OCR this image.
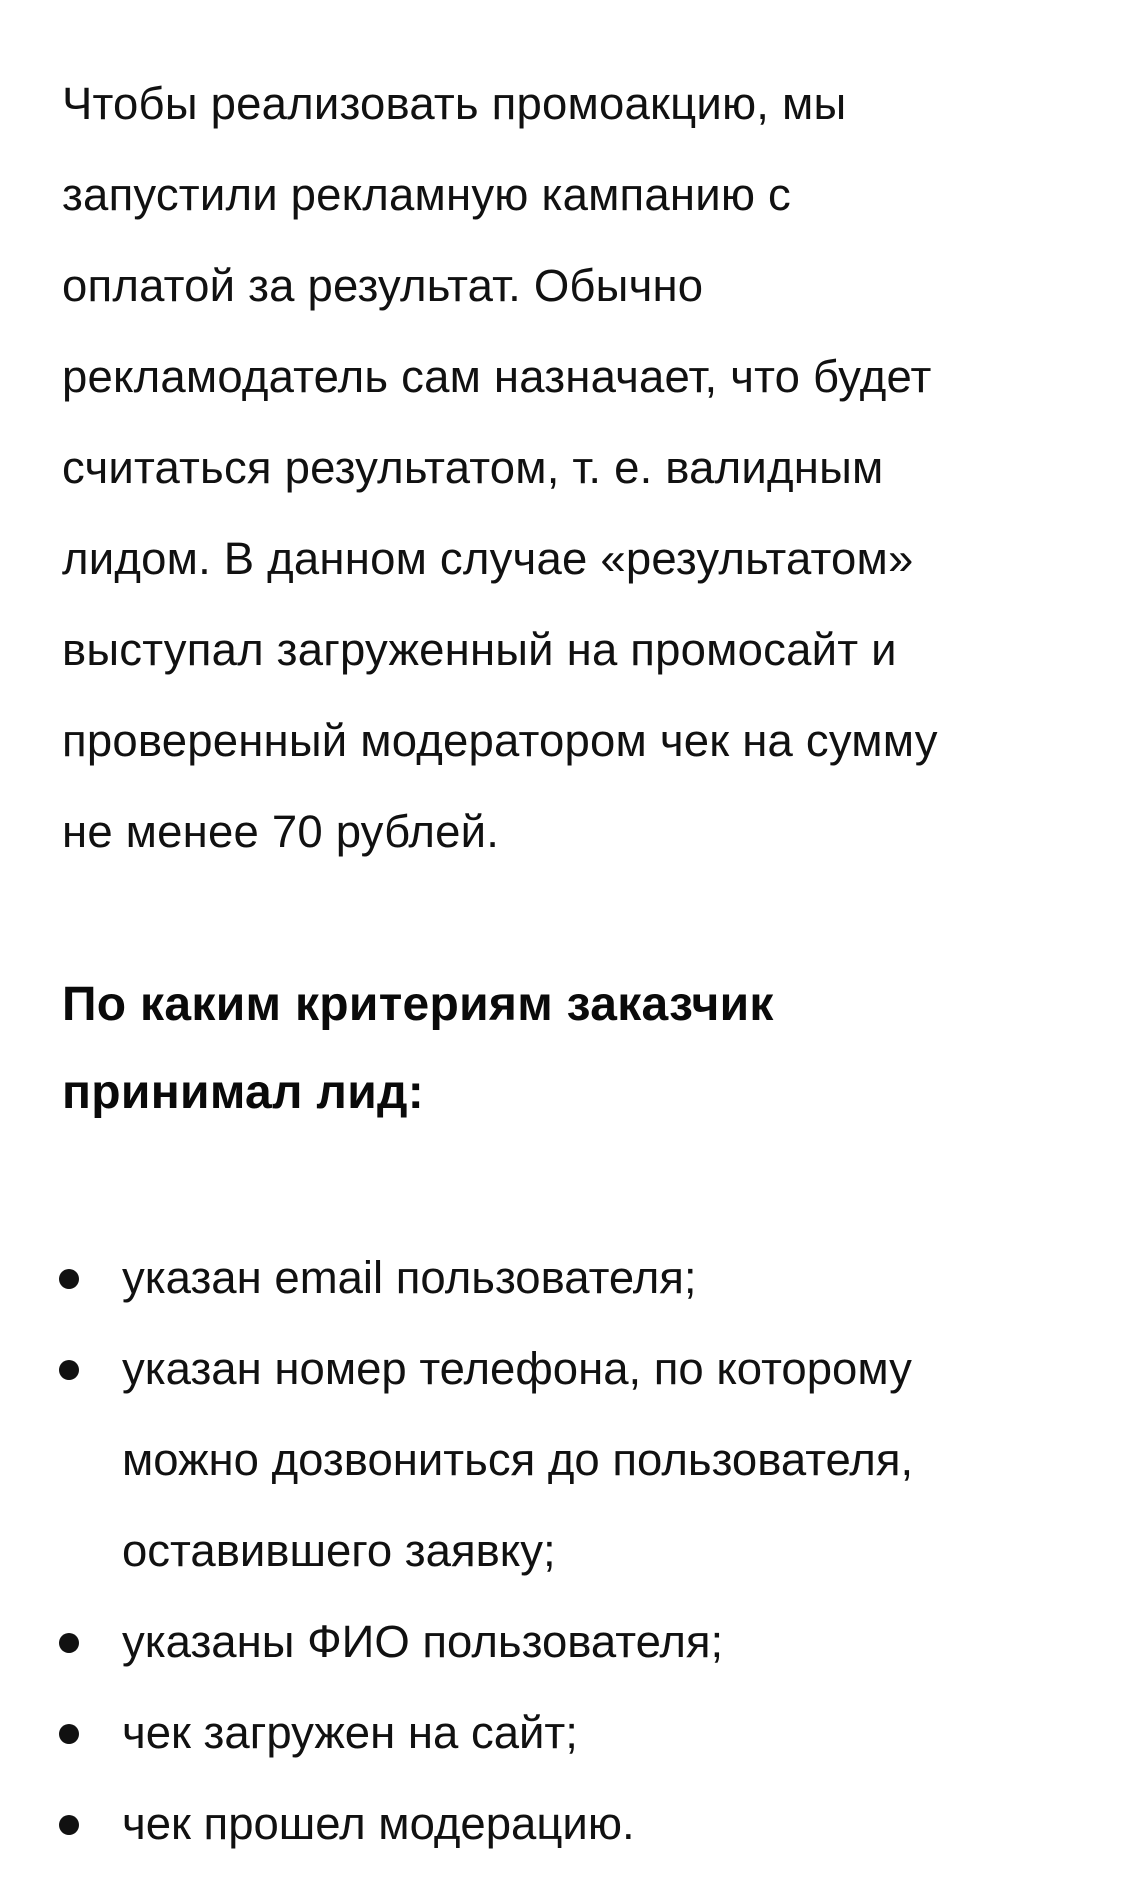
Чтобы реализовать промоакцию, мы
запустили рекламную кампанию с
оплатой за результат. Обычно
рекламодатель сам назначает, что будет
считаться результатом, т. е. валидным
лидом. В данном случае «результатом»
выступал загруженный на промосайт и
проверенный модератором чек на сумму
не менее 70 рублей.

По каким критериям заказчик
принимал лид:
указан email пользователя;
указан номер телефона, по которому
можно дозвониться до пользователя,
оставившего заявку;
указаны ФИО пользователя;
чек загружен на сайт;
чек прошел модерацию.
